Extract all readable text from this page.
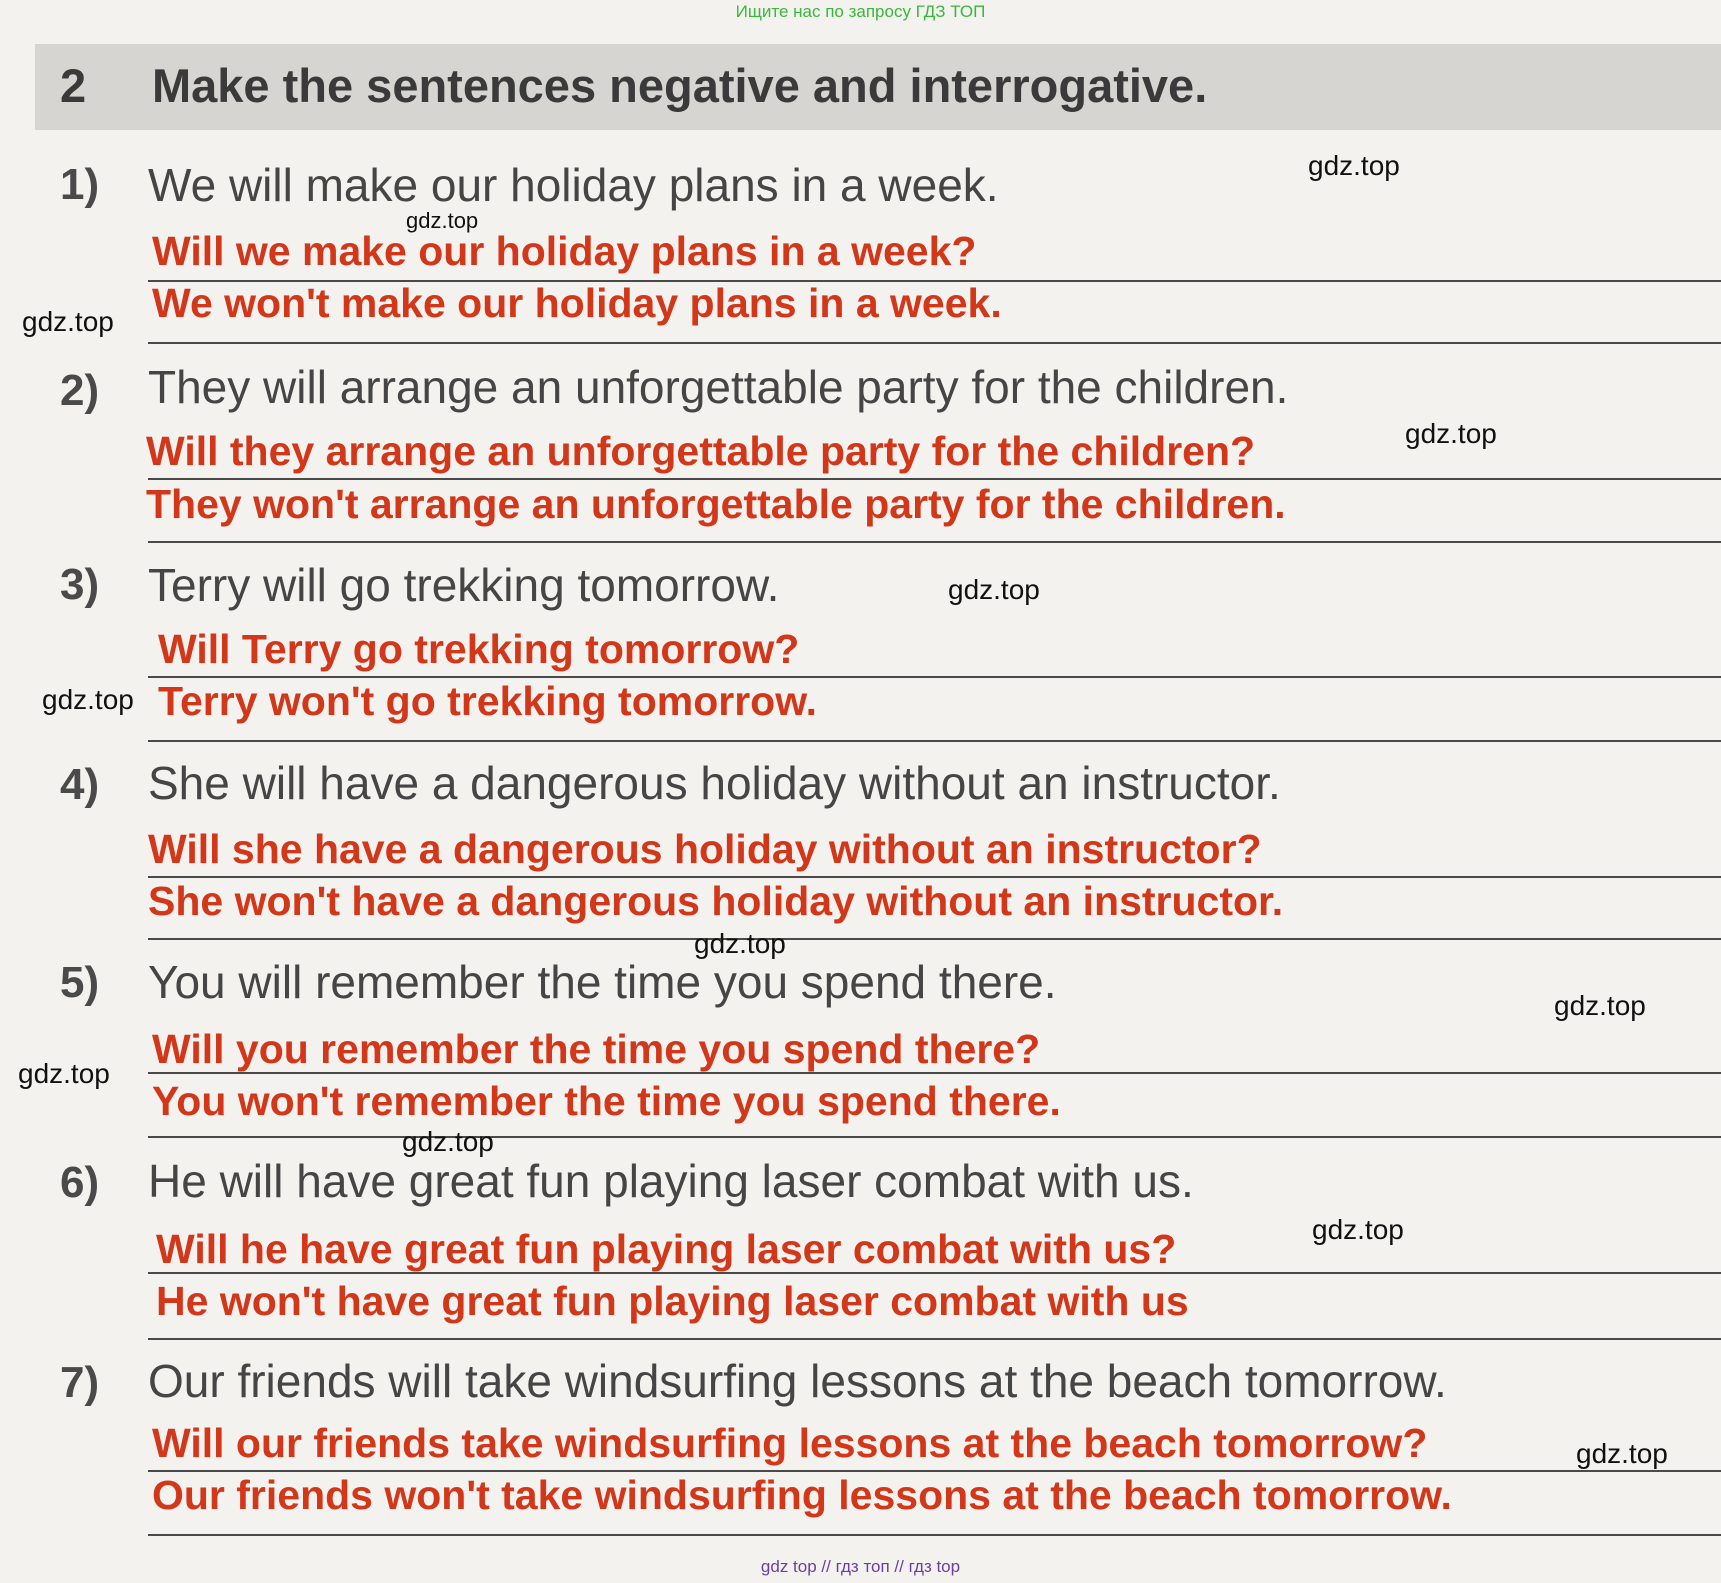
Ищите нас по запросу ГДЗ ТОП
2 Make the sentences negative and interrogative.
1) We will make our holiday plans in a week.
Will we make our holiday plans in a week?
We won't make our holiday plans in a week.
2) They will arrange an unforgettable party for the children.
Will they arrange an unforgettable party for the children?
They won't arrange an unforgettable party for the children.
3) Terry will go trekking tomorrow.
Will Terry go trekking tomorrow?
Terry won't go trekking tomorrow.
4) She will have a dangerous holiday without an instructor.
Will she have a dangerous holiday without an instructor?
She won't have a dangerous holiday without an instructor.
5) You will remember the time you spend there.
Will you remember the time you spend there?
You won't remember the time you spend there.
6) He will have great fun playing laser combat with us.
Will he have great fun playing laser combat with us?
He won't have great fun playing laser combat with us
7) Our friends will take windsurfing lessons at the beach tomorrow.
Will our friends take windsurfing lessons at the beach tomorrow?
Our friends won't take windsurfing lessons at the beach tomorrow.
gdz.top
gdz.top
gdz.top
gdz.top
gdz.top
gdz.top
gdz.top
gdz.top
gdz.top
gdz.top
gdz.top
gdz.top
gdz top // гдз топ // гдз top
